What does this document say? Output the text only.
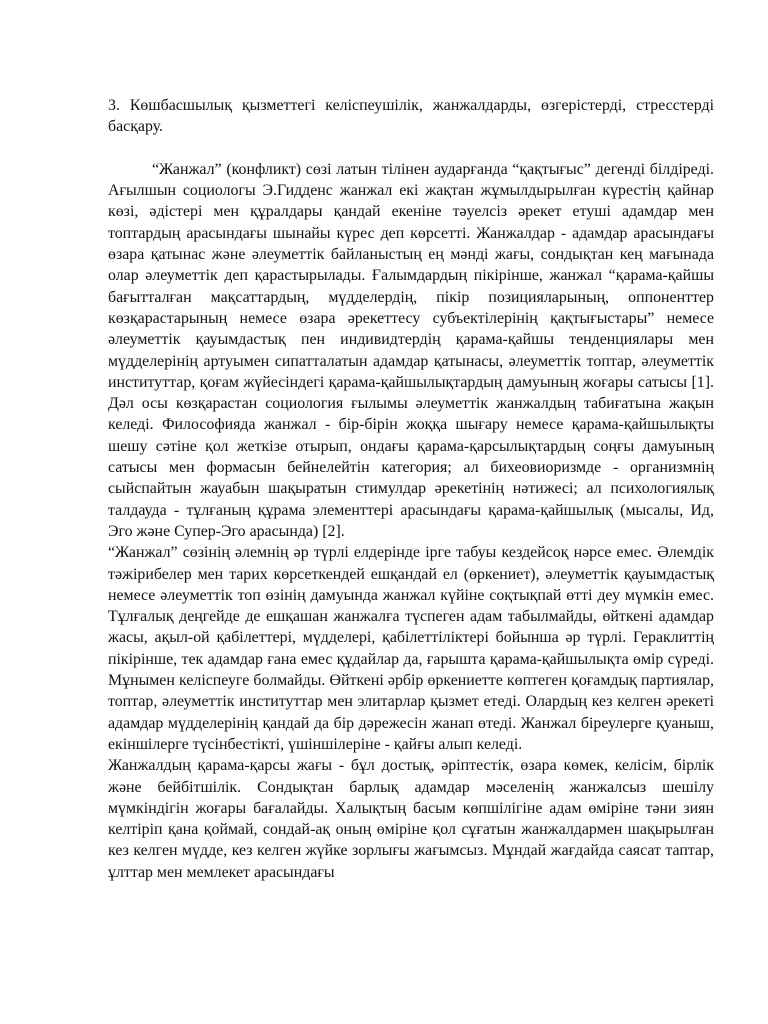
3. Көшбасшылық қызметтегі келіспеушілік, жанжалдарды, өзгерістерді, стресстерді басқару.

“Жанжал” (конфликт) сөзі латын тілінен аударғанда “қақтығыс” дегенді білдіреді. Ағылшын социологы Э.Гидденс жанжал екі жақтан жұмылдырылған күрестің қайнар көзі, әдістері мен құралдары қандай екеніне тәуелсіз әрекет етуші адамдар мен топтардың арасындағы шынайы күрес деп көрсетті. Жанжалдар - адамдар арасындағы өзара қатынас және әлеуметтік байланыстың ең мәнді жағы, сондықтан кең мағынада олар әлеуметтік деп қарастырылады. Ғалымдардың пікірінше, жанжал “қарама-қайшы бағытталған мақсаттардың, мүдделердің, пікір позицияларының, оппоненттер көзқарастарының немесе өзара әрекеттесу субъектілерінің қақтығыстары” немесе әлеуметтік қауымдастық пен индивидтердің қарама-қайшы тенденциялары мен мүдделерінің артуымен сипатталатын адамдар қатынасы, әлеуметтік топтар, әлеуметтік институттар, қоғам жүйесіндегі қарама-қайшылықтардың дамуының жоғары сатысы [1]. Дәл осы көзқарастан социология ғылымы әлеуметтік жанжалдың табиғатына жақын келеді. Философияда жанжал - бір-бірін жоққа шығару немесе қарама-қайшылықты шешу сәтіне қол жеткізе отырып, ондағы қарама-қарсылықтардың соңғы дамуының сатысы мен формасын бейнелейтін категория; ал бихеовиоризмде - организмнің сыйспайтын жауабын шақыратын стимулдар әрекетінің нәтижесі; ал психологиялық талдауда - тұлғаның құрама элементтері арасындағы қарама-қайшылық (мысалы, Ид, Эго және Супер-Эго арасында) [2].

“Жанжал” сөзінің әлемнің әр түрлі елдерінде ірге табуы кездейсоқ нәрсе емес. Әлемдік тәжірибелер мен тарих көрсеткендей ешқандай ел (өркениет), әлеуметтік қауымдастық немесе әлеуметтік топ өзінің дамуында жанжал күйіне соқтықпай өтті деу мүмкін емес. Тұлғалық деңгейде де ешқашан жанжалға түспеген адам табылмайды, өйткені адамдар жасы, ақыл-ой қабілеттері, мүдделері, қабілеттіліктері бойынша әр түрлі. Гераклиттің пікірінше, тек адамдар ғана емес құдайлар да, ғарышта қарама-қайшылықта өмір сүреді. Мұнымен келіспеуге болмайды. Өйткені әрбір өркениетте көптеген қоғамдық партиялар, топтар, әлеуметтік институттар мен элитарлар қызмет етеді. Олардың кез келген әрекеті адамдар мүдделерінің қандай да бір дәрежесін жанап өтеді. Жанжал біреулерге қуаныш, екіншілерге түсінбестікті, үшіншілеріне - қайғы алып келеді.

Жанжалдың қарама-қарсы жағы - бұл достық, әріптестік, өзара көмек, келісім, бірлік және бейбітшілік. Сондықтан барлық адамдар мәселенің жанжалсыз шешілу мүмкіндігін жоғары бағалайды. Халықтың басым көпшілігіне адам өміріне тәни зиян келтіріп қана қоймай, сондай-ақ оның өміріне қол сұғатын жанжалдармен шақырылған кез келген мүдде, кез келген жүйке зорлығы жағымсыз. Мұндай жағдайда саясат таптар, ұлттар мен мемлекет арасындағы
